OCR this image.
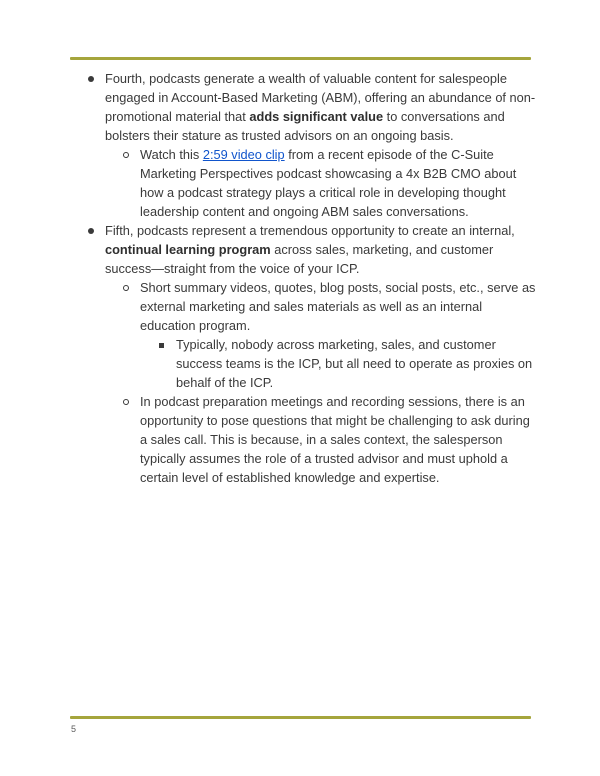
Fourth, podcasts generate a wealth of valuable content for salespeople engaged in Account-Based Marketing (ABM), offering an abundance of non-promotional material that adds significant value to conversations and bolsters their stature as trusted advisors on an ongoing basis.
Watch this 2:59 video clip from a recent episode of the C-Suite Marketing Perspectives podcast showcasing a 4x B2B CMO about how a podcast strategy plays a critical role in developing thought leadership content and ongoing ABM sales conversations.
Fifth, podcasts represent a tremendous opportunity to create an internal, continual learning program across sales, marketing, and customer success—straight from the voice of your ICP.
Short summary videos, quotes, blog posts, social posts, etc., serve as external marketing and sales materials as well as an internal education program.
Typically, nobody across marketing, sales, and customer success teams is the ICP, but all need to operate as proxies on behalf of the ICP.
In podcast preparation meetings and recording sessions, there is an opportunity to pose questions that might be challenging to ask during a sales call. This is because, in a sales context, the salesperson typically assumes the role of a trusted advisor and must uphold a certain level of established knowledge and expertise.
5
